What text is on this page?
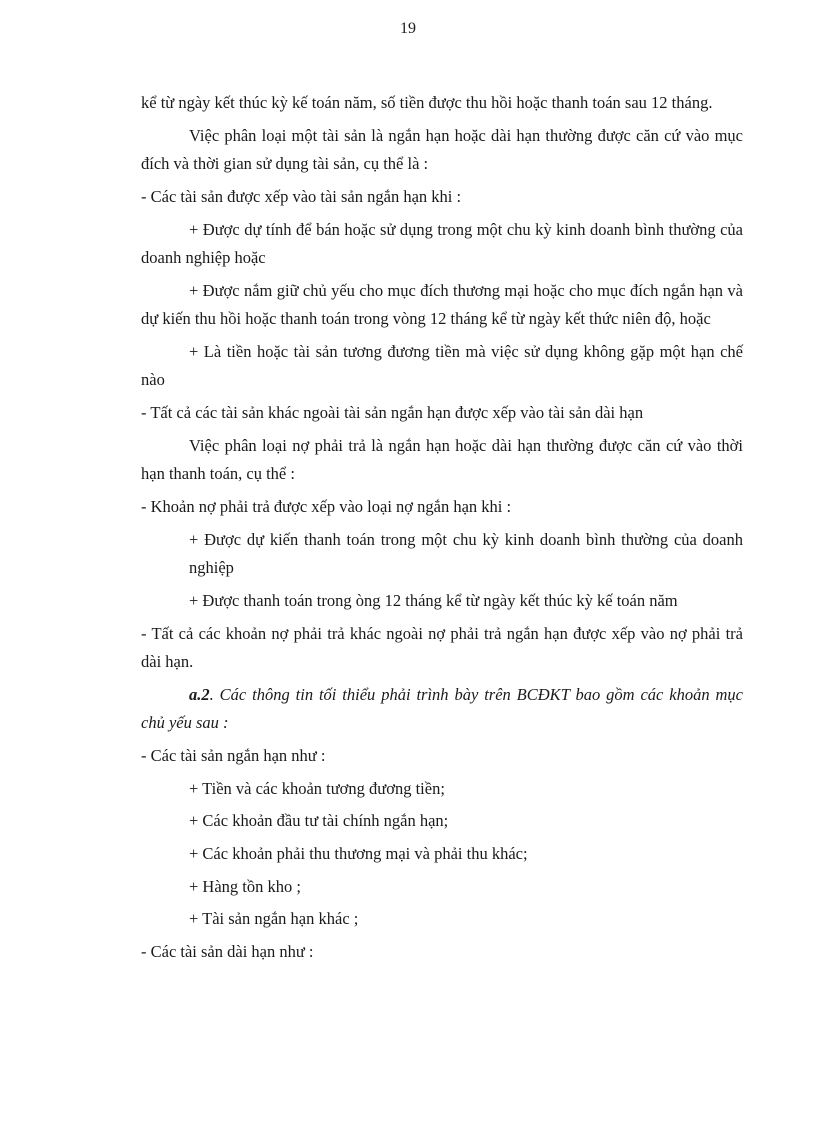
19

kể từ ngày kết thúc kỳ kế toán năm, số tiền được thu hồi hoặc thanh toán sau 12 tháng.

Việc phân loại một tài sản là ngắn hạn hoặc dài hạn thường được căn cứ vào mục đích và thời gian sử dụng tài sản, cụ thể là :

- Các tài sản được xếp vào tài sản ngắn hạn khi :

+ Được dự tính để bán hoặc sử dụng trong một chu kỳ kinh doanh bình thường của doanh nghiệp hoặc

+ Được nắm giữ chủ yếu cho mục đích thương mại hoặc cho mục đích ngắn hạn và dự kiến thu hồi hoặc thanh toán trong vòng 12 tháng kể từ ngày kết thức niên độ, hoặc

+ Là tiền hoặc tài sản tương đương tiền mà việc sử dụng không gặp một hạn chế nào

- Tất cả các tài sản khác ngoài tài sản ngắn hạn được xếp vào tài sản dài hạn

Việc phân loại nợ phải trả là ngắn hạn hoặc dài hạn thường được căn cứ vào thời hạn thanh toán, cụ thể :

- Khoản nợ phải trả được xếp vào loại nợ ngắn hạn khi :

+ Được dự kiến thanh toán trong một chu kỳ kinh doanh bình thường của doanh nghiệp

+ Được thanh toán trong òng 12 tháng kể từ ngày kết thúc kỳ kế toán năm

- Tất cả các khoản nợ phải trả khác ngoài nợ phải trả ngắn hạn được xếp vào nợ phải trả dài hạn.

a.2. Các thông tin tối thiểu phải trình bày trên BCĐKT bao gồm các khoản mục chủ yếu sau :

- Các tài sản ngắn hạn như :

+ Tiền và các khoản tương đương tiền;

+ Các khoản đầu tư tài chính ngắn hạn;

+ Các khoản phải thu thương mại và phải thu khác;

+ Hàng tồn kho ;

+ Tài sản ngắn hạn khác ;

- Các tài sản dài hạn như :
